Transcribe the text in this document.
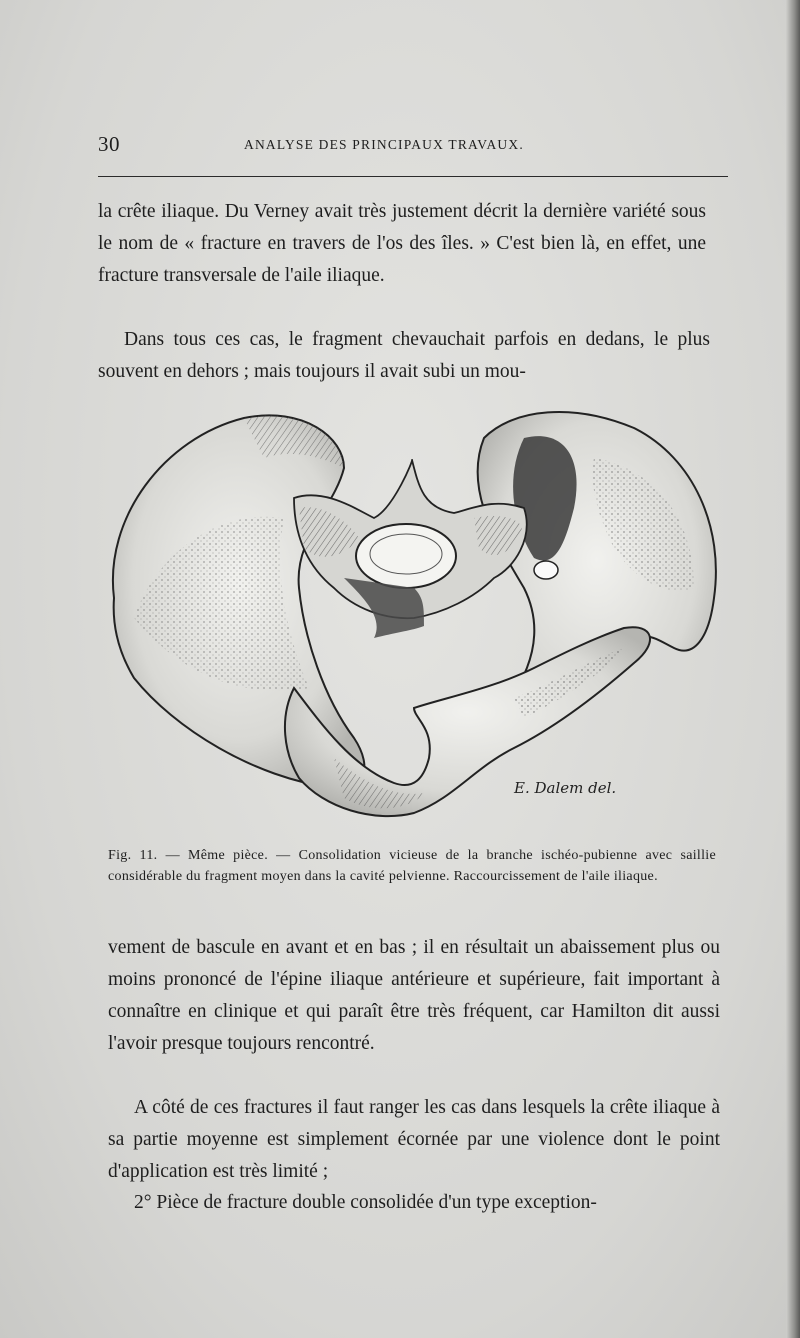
30	ANALYSE DES PRINCIPAUX TRAVAUX.

la crête iliaque. Du Verney avait très justement décrit la dernière variété sous le nom de « fracture en travers de l'os des îles. » C'est bien là, en effet, une fracture transversale de l'aile iliaque.

Dans tous ces cas, le fragment chevauchait parfois en dedans, le plus souvent en dehors ; mais toujours il avait subi un mou-

E. Dalem del.

Fig. 11. — Même pièce. — Consolidation vicieuse de la branche ischéo-pubienne avec saillie considérable du fragment moyen dans la cavité pelvienne. Raccourcissement de l'aile iliaque.

vement de bascule en avant et en bas ; il en résultait un abaissement plus ou moins prononcé de l'épine iliaque antérieure et supérieure, fait important à connaître en clinique et qui paraît être très fréquent, car Hamilton dit aussi l'avoir presque toujours rencontré.

A côté de ces fractures il faut ranger les cas dans lesquels la crête iliaque à sa partie moyenne est simplement écornée par une violence dont le point d'application est très limité ;

2° Pièce de fracture double consolidée d'un type exception-
